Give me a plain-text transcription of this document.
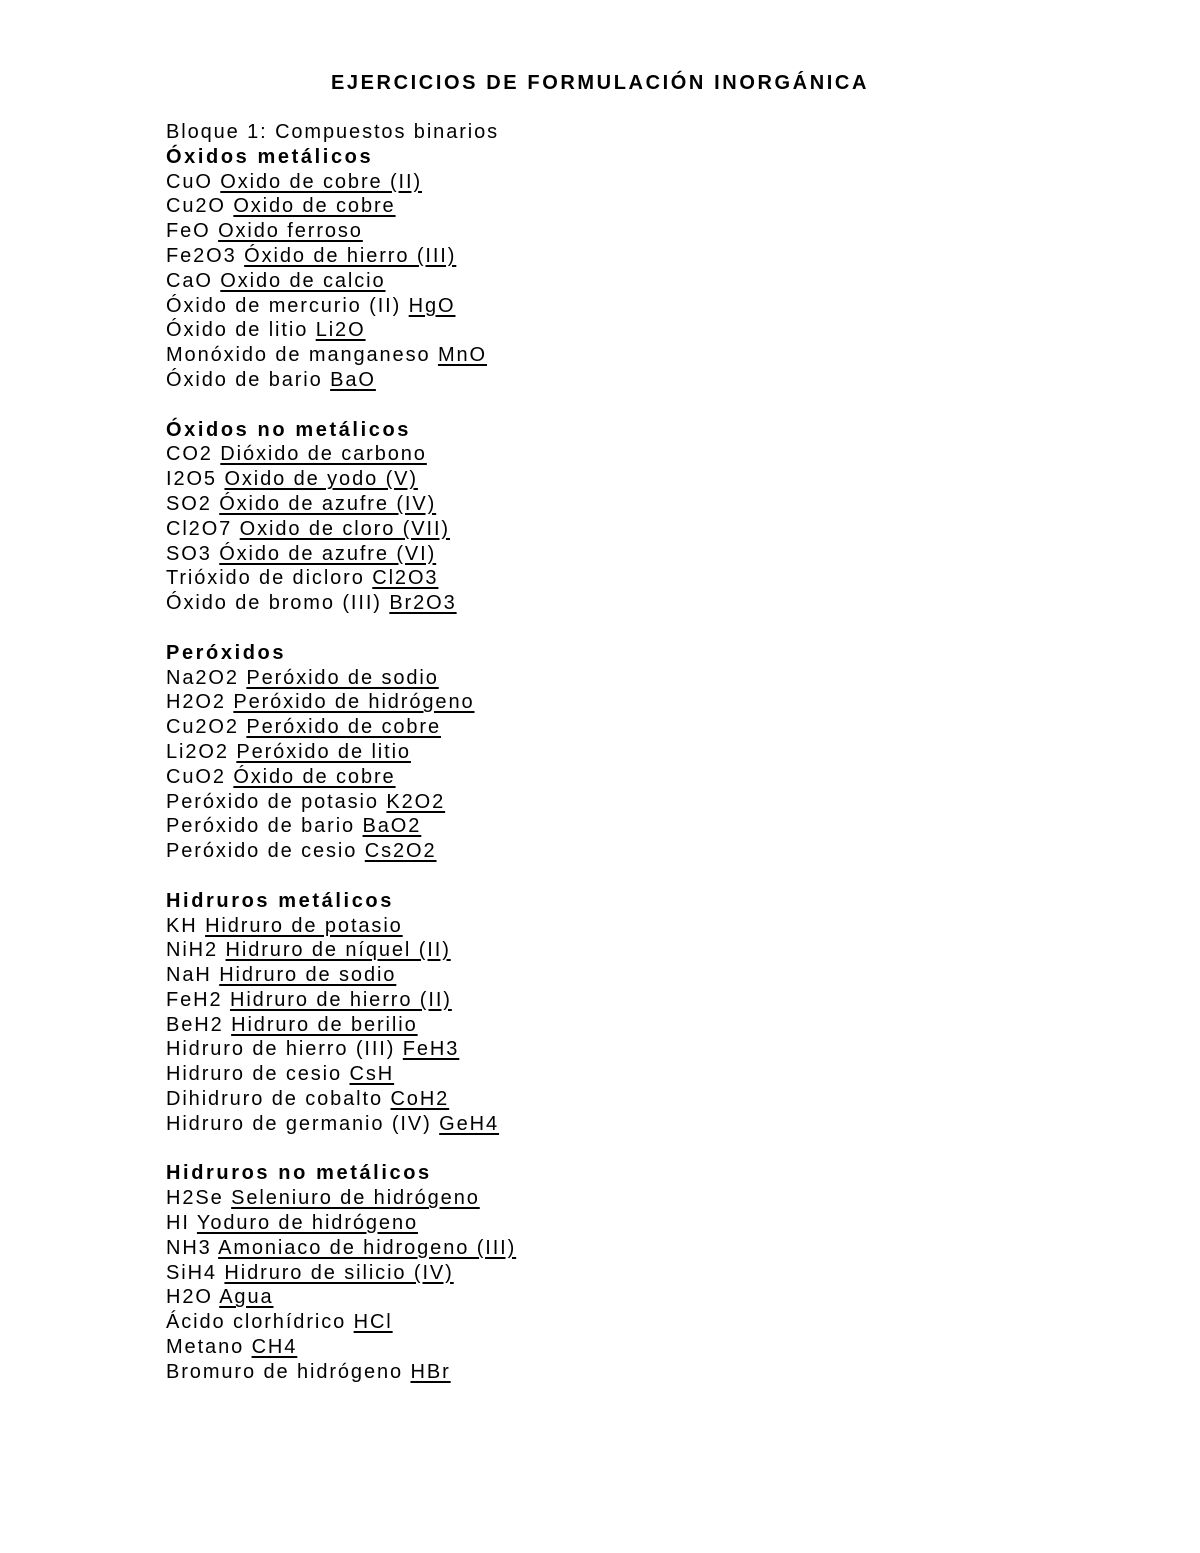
EJERCICIOS DE FORMULACIÓN INORGÁNICA
Bloque 1: Compuestos binarios
Óxidos metálicos
CuO Oxido de cobre (II)
Cu2O Oxido de cobre
FeO Oxido ferroso
Fe2O3 Óxido de hierro (III)
CaO Oxido de calcio
Óxido de mercurio (II) HgO
Óxido de litio Li2O
Monóxido de manganeso MnO
Óxido de bario BaO
Óxidos no metálicos
CO2 Dióxido de carbono
I2O5 Oxido de yodo (V)
SO2 Óxido de azufre (IV)
Cl2O7 Oxido de cloro (VII)
SO3 Óxido de azufre (VI)
Trióxido de dicloro Cl2O3
Óxido de bromo (III) Br2O3
Peróxidos
Na2O2 Peróxido de sodio
H2O2 Peróxido de hidrógeno
Cu2O2 Peróxido de cobre
Li2O2 Peróxido de litio
CuO2 Óxido de cobre
Peróxido de potasio K2O2
Peróxido de bario BaO2
Peróxido de cesio Cs2O2
Hidruros metálicos
KH Hidruro de potasio
NiH2 Hidruro de níquel (II)
NaH Hidruro de sodio
FeH2 Hidruro de hierro (II)
BeH2 Hidruro de berilio
Hidruro de hierro (III) FeH3
Hidruro de cesio CsH
Dihidruro de cobalto CoH2
Hidruro de germanio (IV) GeH4
Hidruros no metálicos
H2Se Seleniuro de hidrógeno
HI Yoduro de hidrógeno
NH3 Amoniaco de hidrogeno (III)
SiH4 Hidruro de silicio (IV)
H2O Agua
Ácido clorhídrico HCl
Metano CH4
Bromuro de hidrógeno HBr
